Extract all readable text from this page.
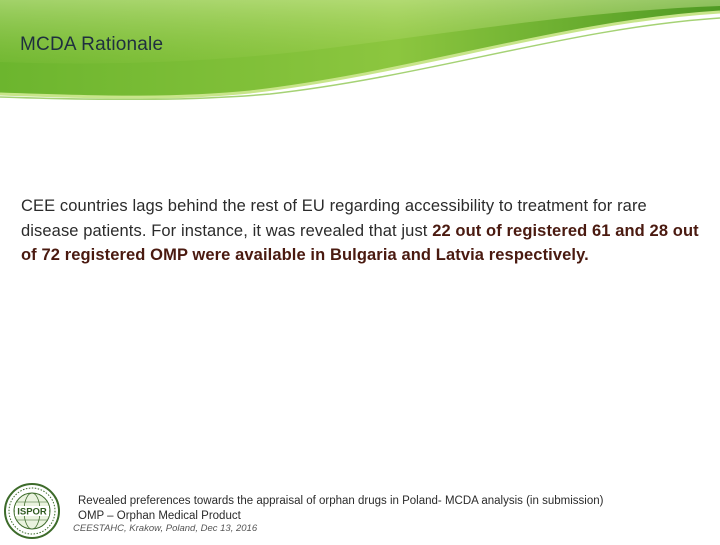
MCDA Rationale
CEE countries lags behind the rest of EU regarding accessibility to treatment for rare disease patients. For instance, it was revealed that just 22 out of registered 61 and 28 out of 72 registered OMP were available in Bulgaria and Latvia respectively.
ISPOR
Revealed preferences towards the appraisal of orphan drugs in Poland- MCDA analysis (in submission)
OMP – Orphan Medical Product
CEESTAHC, Krakow, Poland, Dec 13, 2016
